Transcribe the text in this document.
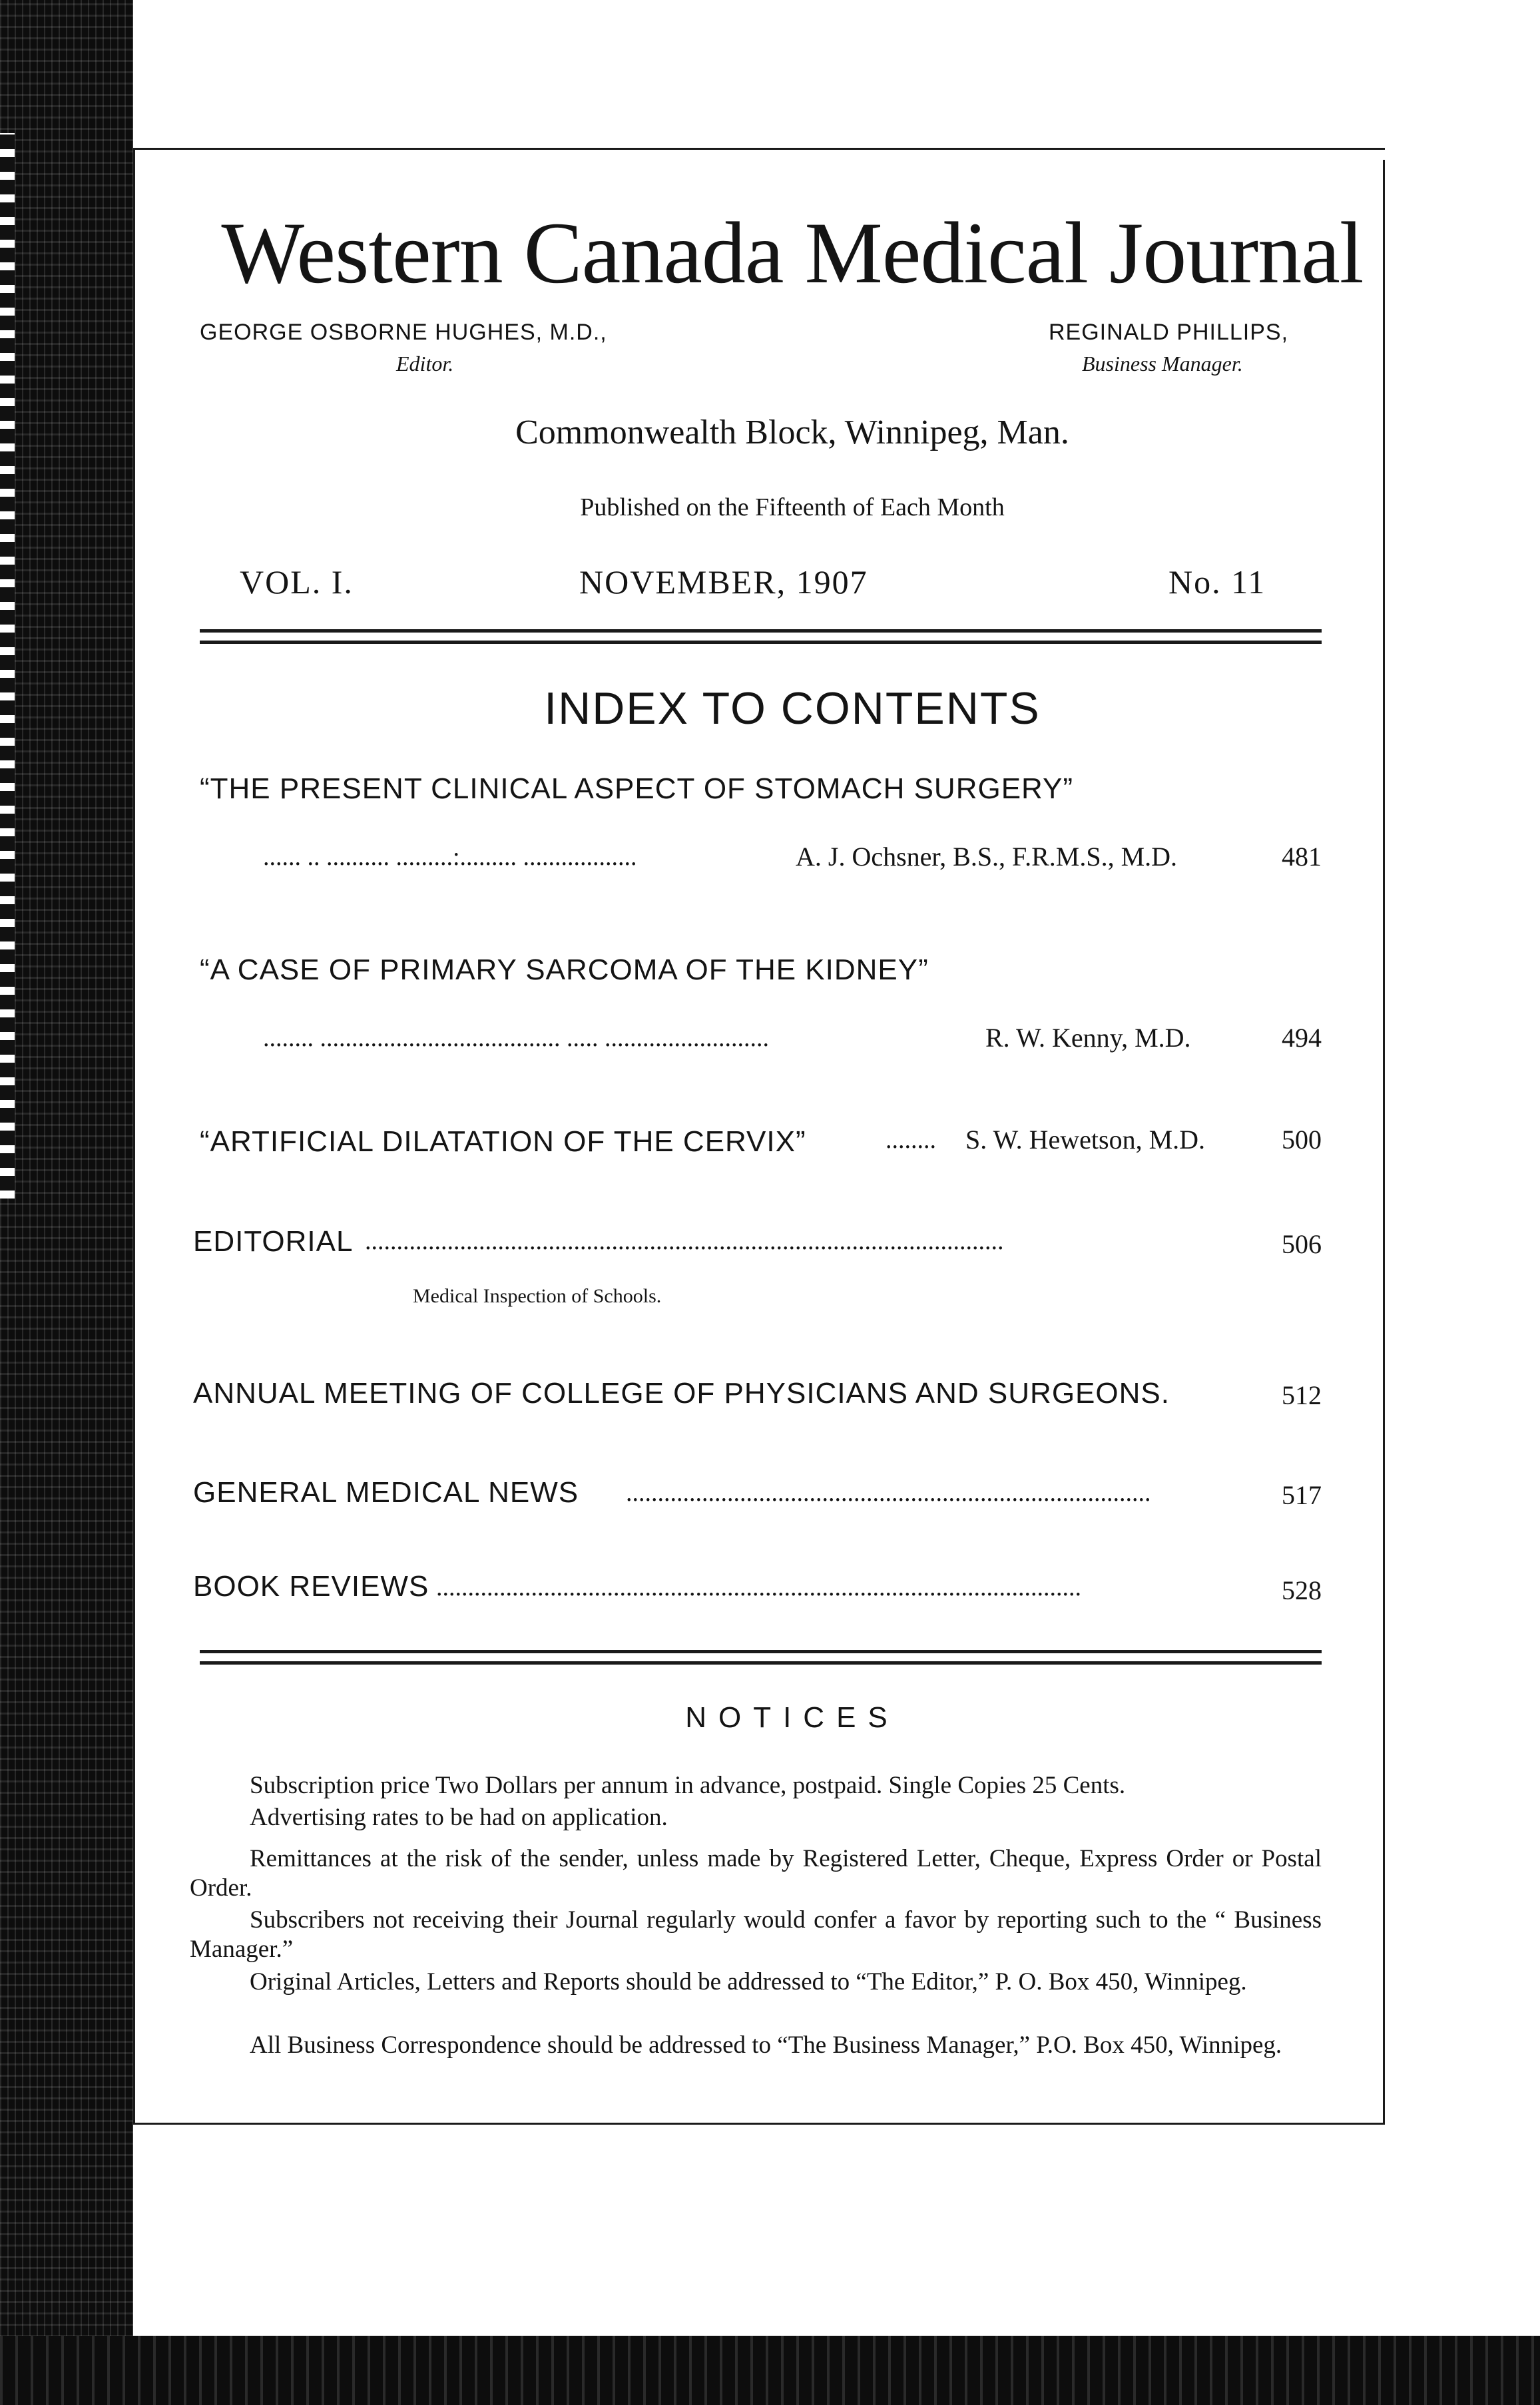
Western Canada Medical Journal
GEORGE OSBORNE HUGHES, M.D.,
Editor.
REGINALD PHILLIPS,
Business Manager.
Commonwealth Block, Winnipeg, Man.
Published on the Fifteenth of Each Month
VOL. I.	NOVEMBER, 1907	No. 11
INDEX TO CONTENTS
“THE PRESENT CLINICAL ASPECT OF STOMACH SURGERY”
...... .. .......... .........:......... ..................	A. J. Ochsner, B.S., F.R.M.S., M.D.	481
“A CASE OF PRIMARY SARCOMA OF THE KIDNEY”
........ ...................................... ..... ..........................	R. W. Kenny, M.D.	494
“ARTIFICIAL DILATATION OF THE CERVIX”	........	S. W. Hewetson, M.D.	500
EDITORIAL .....................................................................................................	506
Medical Inspection of Schools.
ANNUAL MEETING OF COLLEGE OF PHYSICIANS AND SURGEONS.	512
GENERAL MEDICAL NEWS ...................................................................................	517
BOOK REVIEWS ......................................................................................................	528
NOTICES
Subscription price Two Dollars per annum in advance, postpaid. Single Copies 25 Cents.
Advertising rates to be had on application.
Remittances at the risk of the sender, unless made by Registered Letter, Cheque, Express Order or Postal Order.
Subscribers not receiving their Journal regularly would confer a favor by reporting such to the “ Business Manager.”
Original Articles, Letters and Reports should be addressed to “The Editor,” P. O. Box 450, Winnipeg.
All Business Correspondence should be addressed to “The Business Manager,” P.O. Box 450, Winnipeg.
